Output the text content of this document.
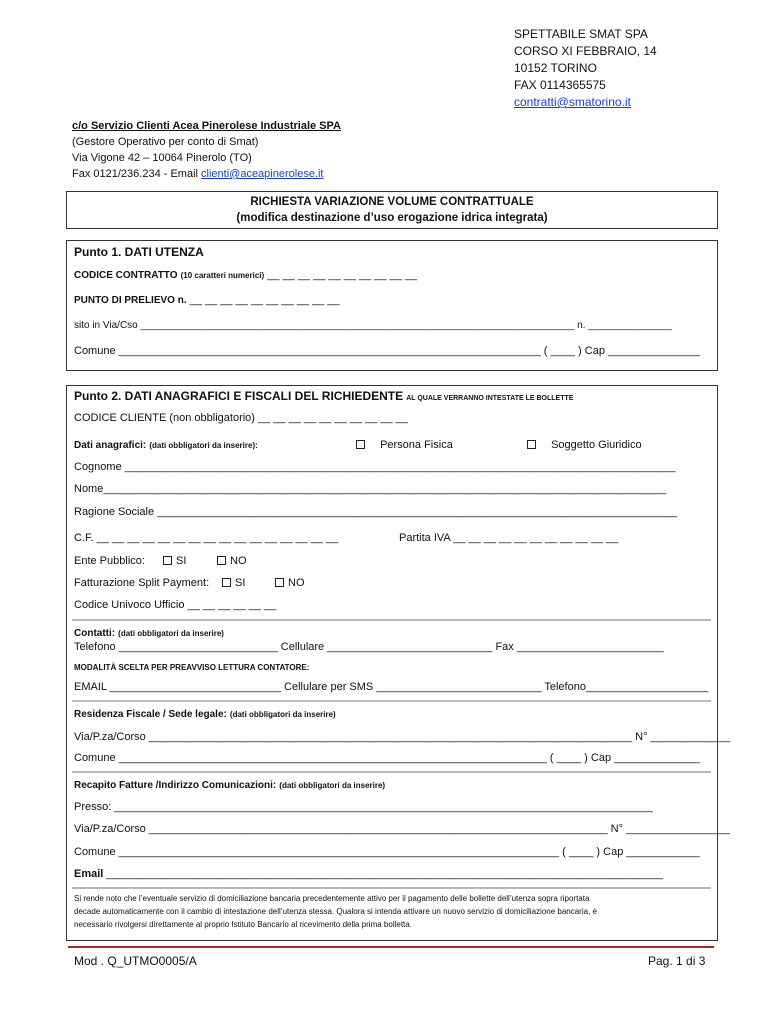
SPETTABILE SMAT SPA
CORSO XI FEBBRAIO, 14
10152 TORINO
FAX 0114365575
contratti@smatorino.it
c/o Servizio Clienti Acea Pinerolese Industriale SPA
(Gestore Operativo per conto di Smat)
Via Vigone 42 – 10064 Pinerolo (TO)
Fax 0121/236.234 - Email clienti@aceapinerolese.it
RICHIESTA VARIAZIONE VOLUME CONTRATTUALE
(modifica destinazione d’uso erogazione idrica integrata)
Punto 1. DATI UTENZA
CODICE CONTRATTO (10 caratteri numerici) __ __ __ __ __ __ __ __ __ __
PUNTO DI PRELIEVO n. __ __ __ __ __ __ __ __ __ __
sito in Via/Cso ______________________________________________________________________________ n. _______________
Comune _____________________________________________________________________ ( ____ ) Cap _______________
Punto 2. DATI ANAGRAFICI E FISCALI DEL RICHIEDENTE AL QUALE VERRANNO INTESTATE LE BOLLETTE
CODICE CLIENTE (non obbligatorio) __ __ __ __ __ __ __ __ __ __
Dati anagrafici: (dati obbligatori da inserire):	Persona Fisica	Soggetto Giuridico
Cognome __________________________________________________________________________________________
Nome____________________________________________________________________________________________
Ragione Sociale _____________________________________________________________________________________
C.F. __ __ __ __ __ __ __ __ __ __ __ __ __ __ __ __	Partita IVA __ __ __ __ __ __ __ __ __ __ __
Ente Pubblico:	SI	NO
Fatturazione Split Payment:	SI	NO
Codice Univoco Ufficio __ __ __ __ __ __
Contatti: (dati obbligatori da inserire)
Telefono __________________________ Cellulare ___________________________ Fax ________________________
MODALITÀ SCELTA PER PREAVVISO LETTURA CONTATORE:
EMAIL ____________________________ Cellulare per SMS ___________________________ Telefono____________________
Residenza Fiscale / Sede legale: (dati obbligatori da inserire)
Via/P.za/Corso _______________________________________________________________________________ N° _____________
Comune ______________________________________________________________________ ( ____ ) Cap ______________
Recapito Fatture /Indirizzo Comunicazioni: (dati obbligatori da inserire)
Presso: ________________________________________________________________________________________
Via/P.za/Corso ___________________________________________________________________________ N° _________________
Comune ________________________________________________________________________ ( ____ ) Cap ____________
Email ___________________________________________________________________________________________
Si rende noto che l’eventuale servizio di domiciliazione bancaria precedentemente attivo per il pagamento delle bollette dell’utenza sopra riportata
decade automaticamente con il cambio di intestazione dell’utenza stessa. Qualora si intenda attivare un nuovo servizio di domiciliazione bancaria, è
necessario rivolgersi direttamente al proprio Istituto Bancario al ricevimento della prima bolletta.
Mod . Q_UTMO0005/A	Pag. 1 di 3
